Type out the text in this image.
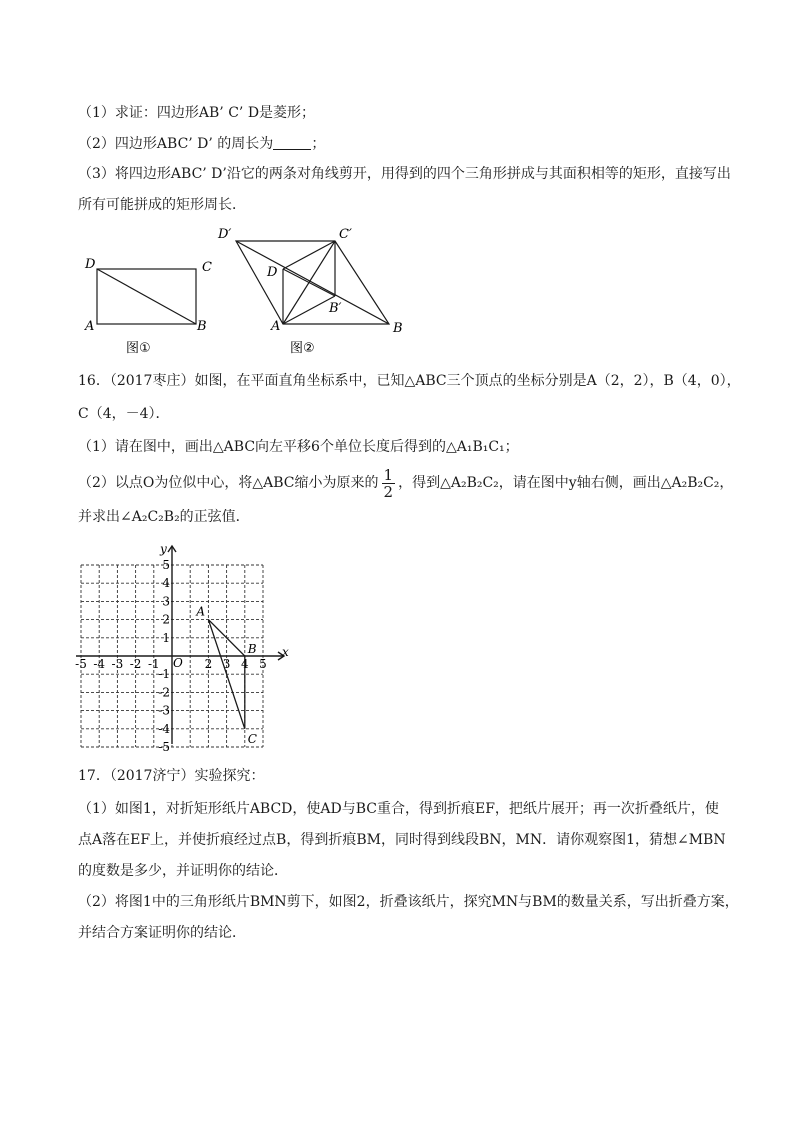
（1）求证：四边形AB’ C’ D是菱形；
（2）四边形ABC’ D’ 的周长为	；
（3）将四边形ABC’ D’沿它的两条对角线剪开，用得到的四个三角形拼成与其面积相等的矩形，直接写出
所有可能拼成的矩形周长．
D	C
A	B
图①
D′	C′
D
B′
A	B
图②
16．（2017枣庄）如图，在平面直角坐标系中，已知△ABC三个顶点的坐标分别是A（2，2），B（4，0），
C（4，－4）．
（1）请在图中，画出△ABC向左平移6个单位长度后得到的△A₁B₁C₁；
（2）以点O为位似中心，将△ABC缩小为原来的 $\frac{1}{2}$ ，得到△A₂B₂C₂，请在图中y轴右侧，画出△A₂B₂C₂，
并求出∠A₂C₂B₂的正弦值．
x
y
O
-5 -4 -3 -2 -1	2 3 4 5
5
4
3
2
1
-1
-2
-3
-4
-5
A
B
C
17．（2017济宁）实验探究：
（1）如图1，对折矩形纸片ABCD，使AD与BC重合，得到折痕EF，把纸片展开；再一次折叠纸片，使
点A落在EF上，并使折痕经过点B，得到折痕BM，同时得到线段BN，MN．请你观察图1，猜想∠MBN
的度数是多少，并证明你的结论．
（2）将图1中的三角形纸片BMN剪下，如图2，折叠该纸片，探究MN与BM的数量关系，写出折叠方案，
并结合方案证明你的结论．
